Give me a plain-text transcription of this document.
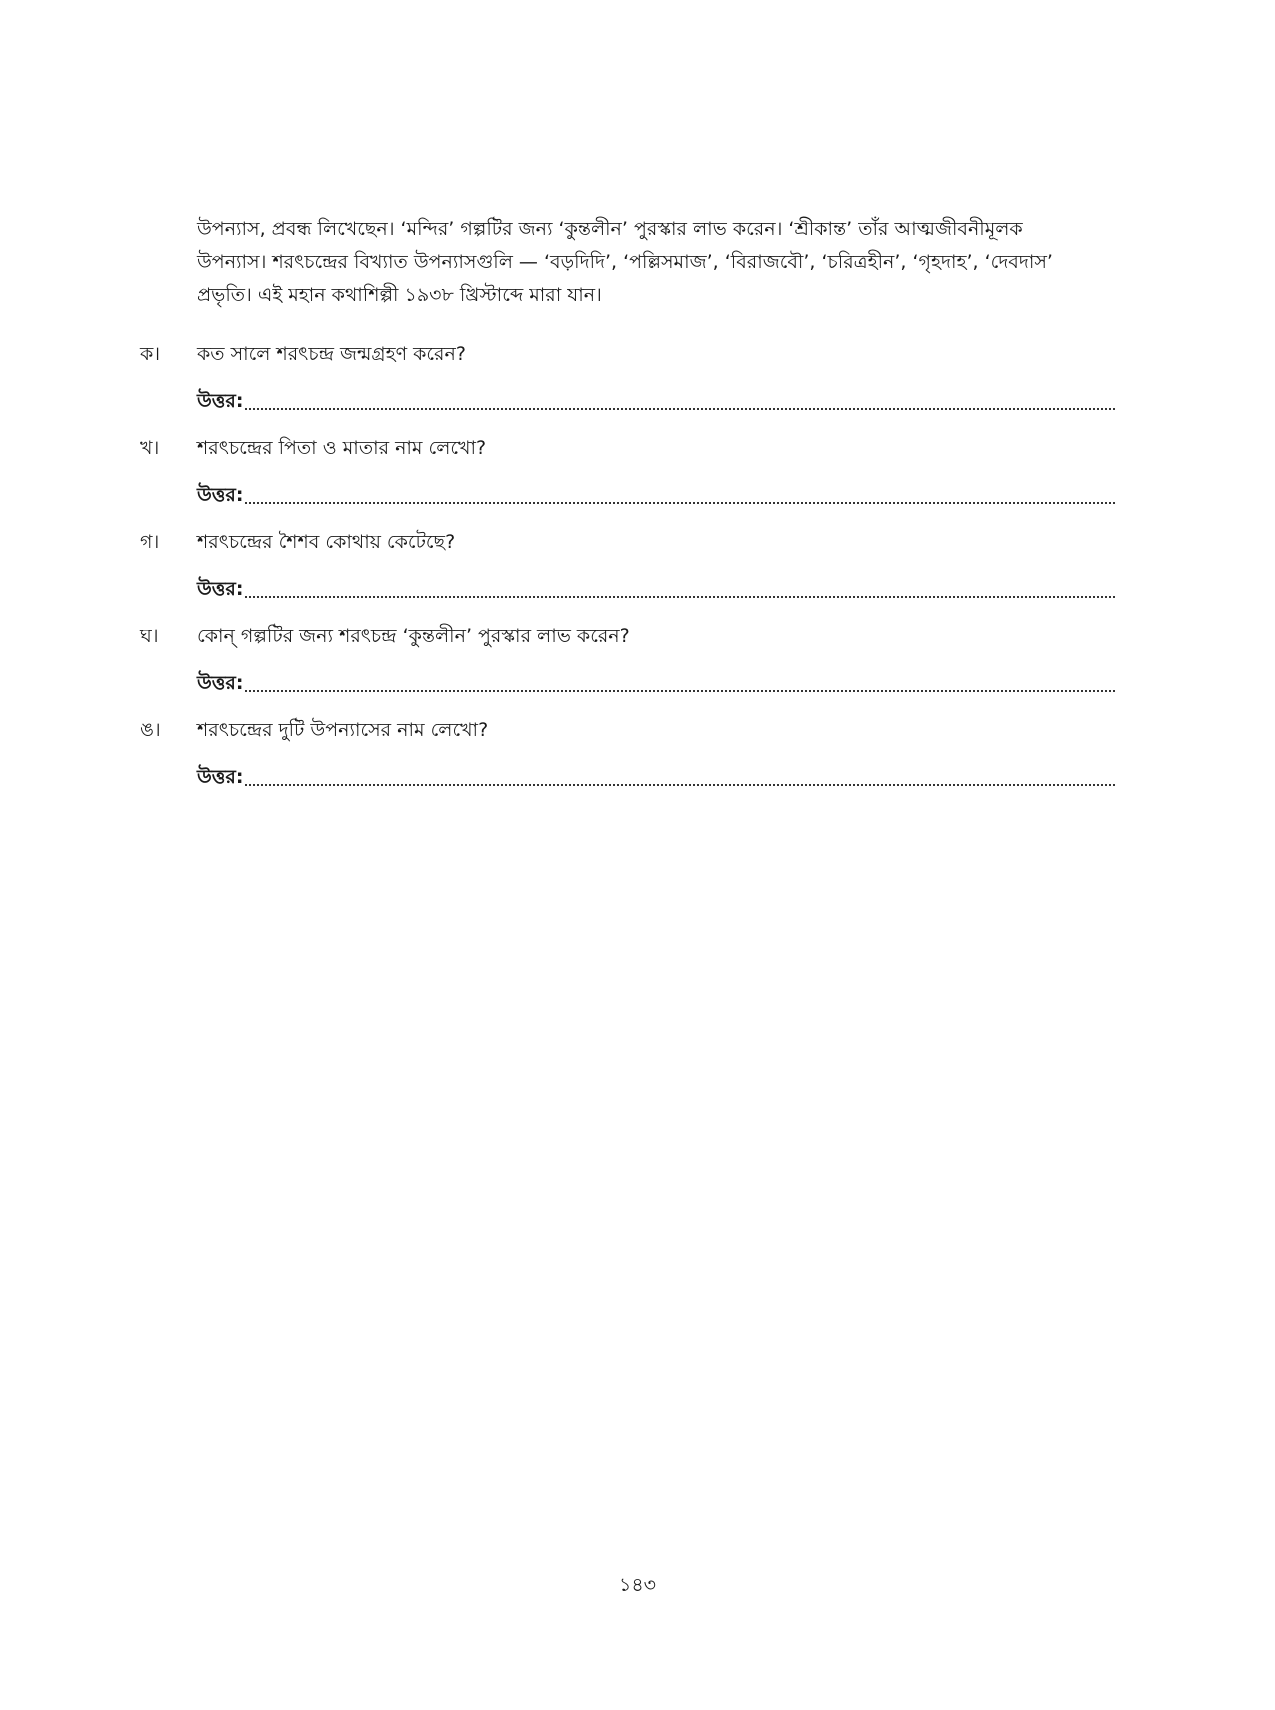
উপন্যাস, প্রবন্ধ লিখেছেন। ‘মন্দির’ গল্পটির জন্য ‘কুন্তলীন’ পুরস্কার লাভ করেন। ‘শ্রীকান্ত’ তাঁর আত্মজীবনীমূলক
উপন্যাস। শরৎচন্দ্রের বিখ্যাত উপন্যাসগুলি — ‘বড়দিদি’, ‘পল্লিসমাজ’, ‘বিরাজবৌ’, ‘চরিত্রহীন’, ‘গৃহদাহ’, ‘দেবদাস’
প্রভৃতি। এই মহান কথাশিল্পী ১৯৩৮ খ্রিস্টাব্দে মারা যান।
ক।	কত সালে শরৎচন্দ্র জন্মগ্রহণ করেন?
উত্তর:
খ।	শরৎচন্দ্রের পিতা ও মাতার নাম লেখো?
উত্তর:
গ।	শরৎচন্দ্রের শৈশব কোথায় কেটেছে?
উত্তর:
ঘ।	কোন্ গল্পটির জন্য শরৎচন্দ্র ‘কুন্তলীন’ পুরস্কার লাভ করেন?
উত্তর:
ঙ।	শরৎচন্দ্রের দুটি উপন্যাসের নাম লেখো?
উত্তর:
১৪৩
